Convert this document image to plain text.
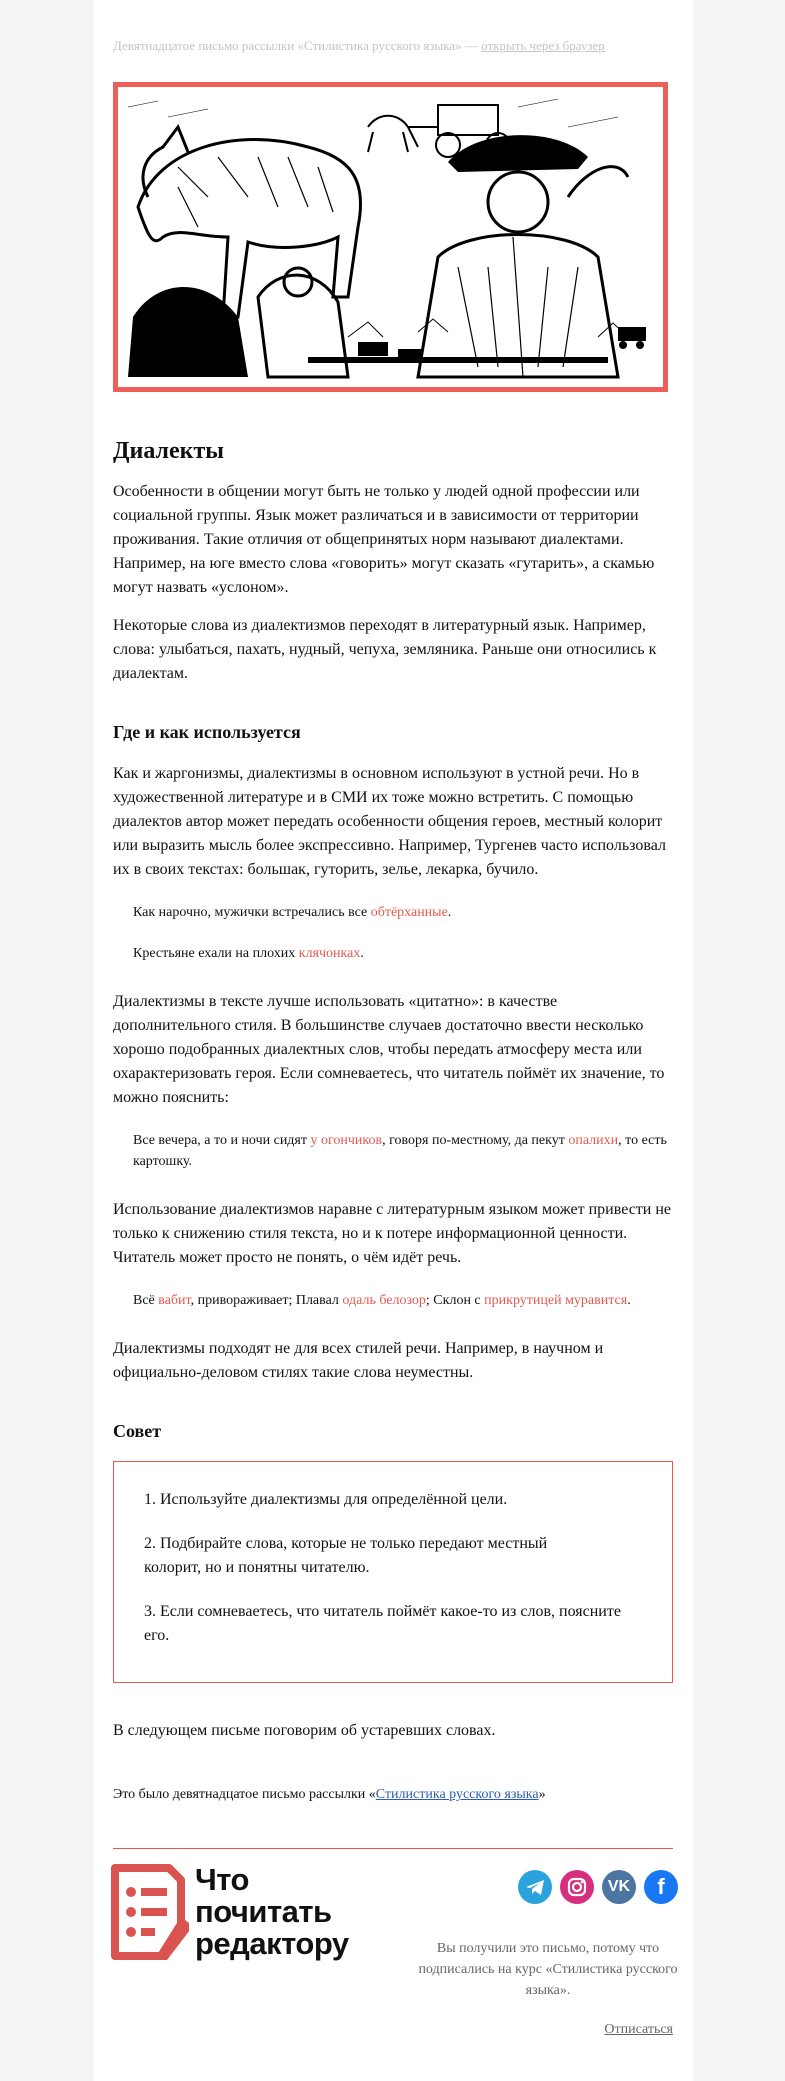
Девятнадцатое письмо рассылки «Стилистика русского языка» — открыть через браузер
Диалекты

Особенности в общении могут быть не только у людей одной профессии или социальной группы. Язык может различаться и в зависимости от территории проживания. Такие отличия от общепринятых норм называют диалектами. Например, на юге вместо слова «говорить» могут сказать «гутарить», а скамью могут назвать «услоном».

Некоторые слова из диалектизмов переходят в литературный язык. Например, слова: улыбаться, пахать, нудный, чепуха, земляника. Раньше они относились к диалектам.

Где и как используется

Как и жаргонизмы, диалектизмы в основном используют в устной речи. Но в художественной литературе и в СМИ их тоже можно встретить. С помощью диалектов автор может передать особенности общения героев, местный колорит или выразить мысль более экспрессивно. Например, Тургенев часто использовал их в своих текстах: большак, гуторить, зелье, лекарка, бучило.

Как нарочно, мужички встречались все обтёрханные.
Крестьяне ехали на плохих клячонках.

Диалектизмы в тексте лучше использовать «цитатно»: в качестве дополнительного стиля. В большинстве случаев достаточно ввести несколько хорошо подобранных диалектных слов, чтобы передать атмосферу места или охарактеризовать героя. Если сомневаетесь, что читатель поймёт их значение, то можно пояснить:

Все вечера, а то и ночи сидят у огончиков, говоря по-местному, да пекут опалихи, то есть картошку.

Использование диалектизмов наравне с литературным языком может привести не только к снижению стиля текста, но и к потере информационной ценности. Читатель может просто не понять, о чём идёт речь.

Всё вабит, привораживает; Плавал одаль белозор; Склон с прикрутицей муравится.

Диалектизмы подходят не для всех стилей речи. Например, в научном и официально-деловом стилях такие слова неуместны.

Совет
1. Используйте диалектизмы для определённой цели.
2. Подбирайте слова, которые не только передают местный колорит, но и понятны читателю.
3. Если сомневаетесь, что читатель поймёт какое-то из слов, поясните его.

В следующем письме поговорим об устаревших словах.

Это было девятнадцатое письмо рассылки «Стилистика русского языка»

Что
почитать
редактору
VK	f
Вы получили это письмо, потому что подписались на курс «Стилистика русского языка».
Отписаться
